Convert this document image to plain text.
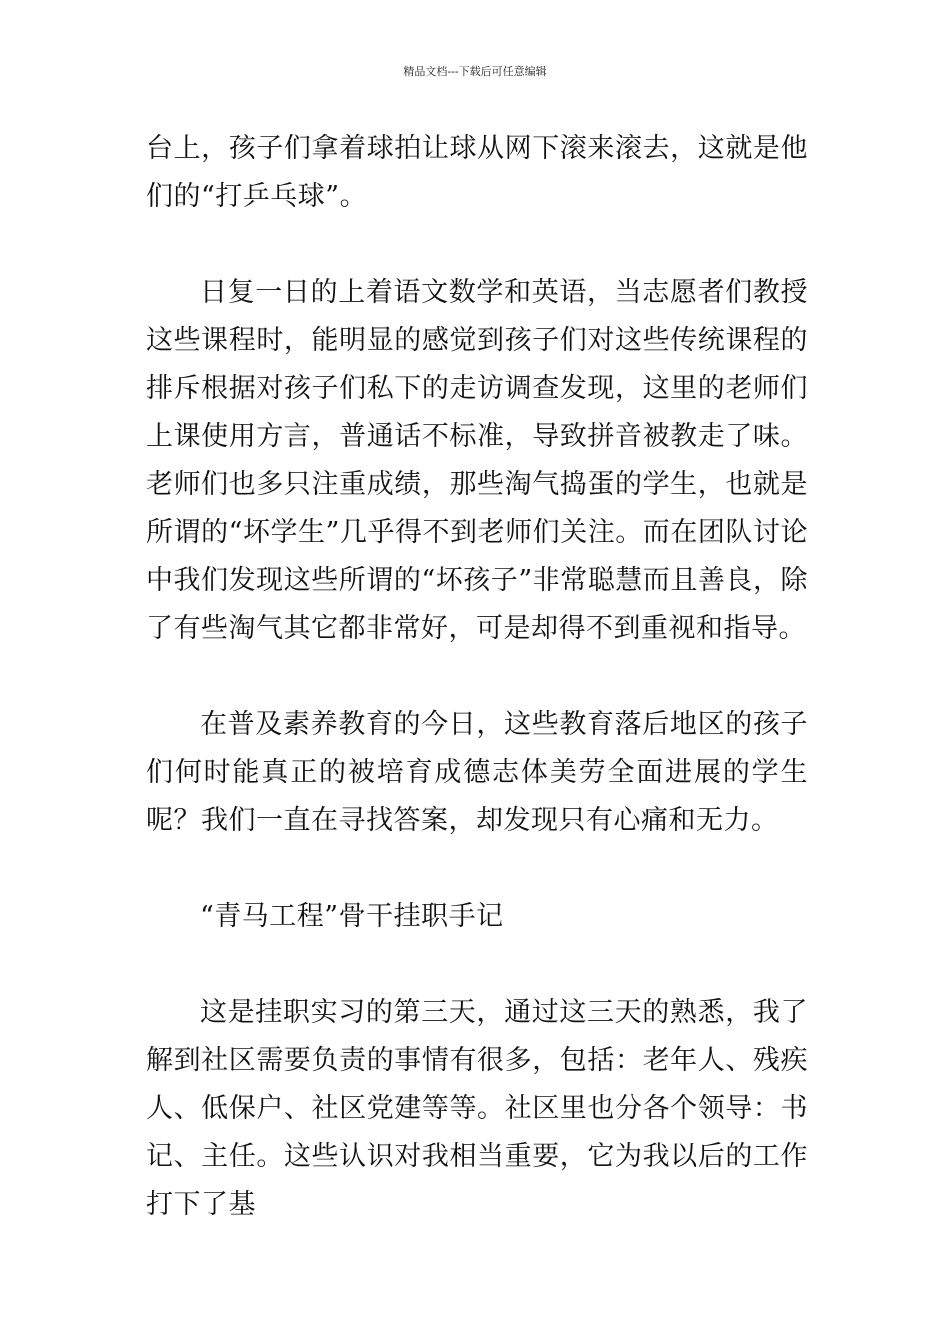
精品文档---下载后可任意编辑

台上，孩子们拿着球拍让球从网下滚来滚去，这就是他们的“打乒乓球”。

日复一日的上着语文数学和英语，当志愿者们教授这些课程时，能明显的感觉到孩子们对这些传统课程的排斥根据对孩子们私下的走访调查发现，这里的老师们上课使用方言，普通话不标准，导致拼音被教走了味。老师们也多只注重成绩，那些淘气捣蛋的学生，也就是所谓的“坏学生”几乎得不到老师们关注。而在团队讨论中我们发现这些所谓的“坏孩子”非常聪慧而且善良，除了有些淘气其它都非常好，可是却得不到重视和指导。

在普及素养教育的今日，这些教育落后地区的孩子们何时能真正的被培育成德志体美劳全面进展的学生呢？我们一直在寻找答案，却发现只有心痛和无力。

“青马工程”骨干挂职手记

这是挂职实习的第三天，通过这三天的熟悉，我了解到社区需要负责的事情有很多，包括：老年人、残疾人、低保户、社区党建等等。社区里也分各个领导：书记、主任。这些认识对我相当重要，它为我以后的工作打下了基
